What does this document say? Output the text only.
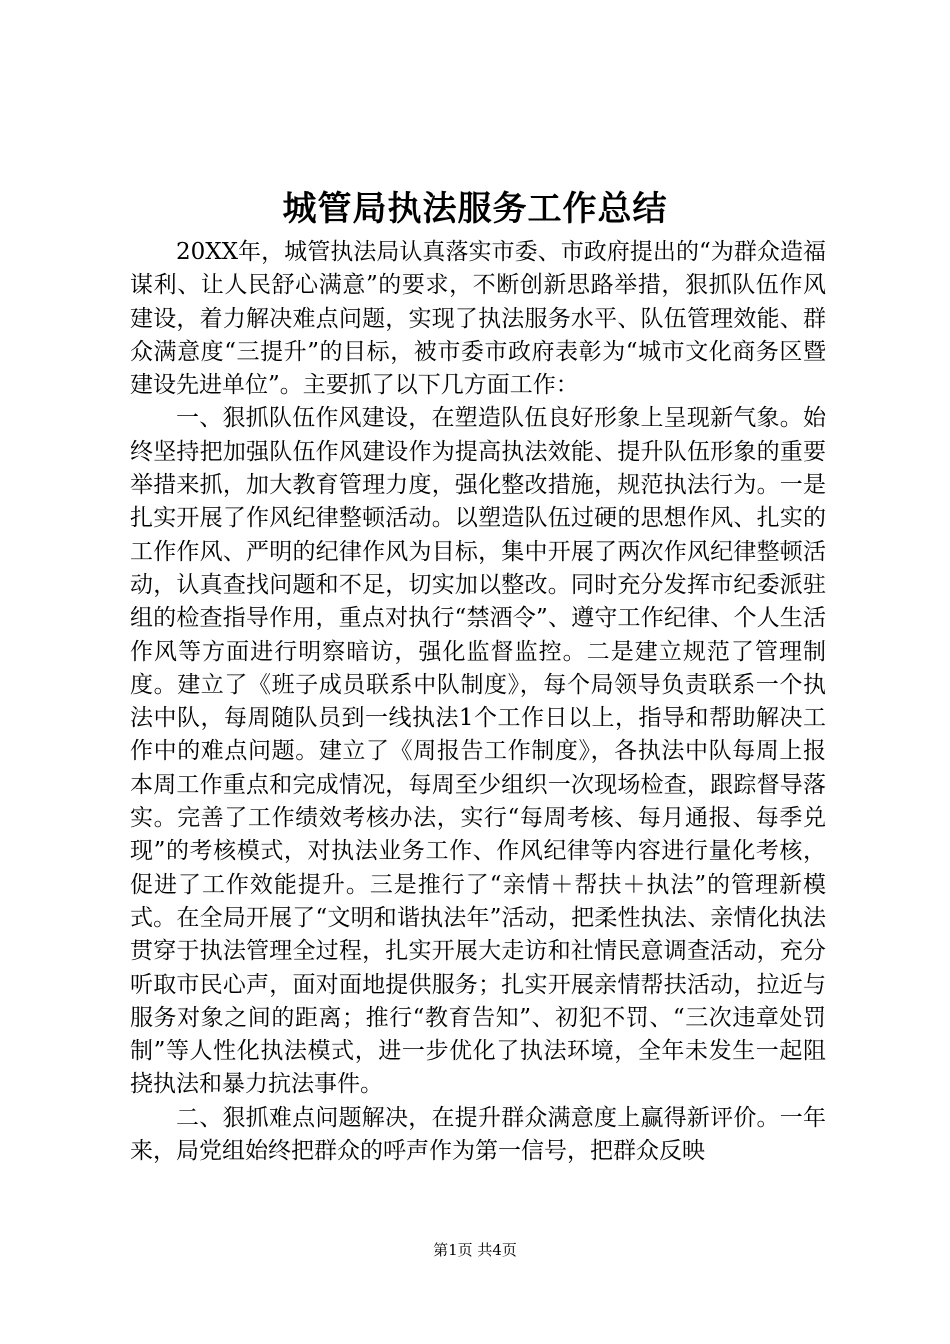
城管局执法服务工作总结

20XX年，城管执法局认真落实市委、市政府提出的“为群众造福谋利、让人民舒心满意”的要求，不断创新思路举措，狠抓队伍作风建设，着力解决难点问题，实现了执法服务水平、队伍管理效能、群众满意度“三提升”的目标，被市委市政府表彰为“城市文化商务区暨建设先进单位”。主要抓了以下几方面工作：

一、狠抓队伍作风建设，在塑造队伍良好形象上呈现新气象。始终坚持把加强队伍作风建设作为提高执法效能、提升队伍形象的重要举措来抓，加大教育管理力度，强化整改措施，规范执法行为。一是扎实开展了作风纪律整顿活动。以塑造队伍过硬的思想作风、扎实的工作作风、严明的纪律作风为目标，集中开展了两次作风纪律整顿活动，认真查找问题和不足，切实加以整改。同时充分发挥市纪委派驻组的检查指导作用，重点对执行“禁酒令”、遵守工作纪律、个人生活作风等方面进行明察暗访，强化监督监控。二是建立规范了管理制度。建立了《班子成员联系中队制度》，每个局领导负责联系一个执法中队，每周随队员到一线执法1个工作日以上，指导和帮助解决工作中的难点问题。建立了《周报告工作制度》，各执法中队每周上报本周工作重点和完成情况，每周至少组织一次现场检查，跟踪督导落实。完善了工作绩效考核办法，实行“每周考核、每月通报、每季兑现”的考核模式，对执法业务工作、作风纪律等内容进行量化考核，促进了工作效能提升。三是推行了“亲情＋帮扶＋执法”的管理新模式。在全局开展了“文明和谐执法年”活动，把柔性执法、亲情化执法贯穿于执法管理全过程，扎实开展大走访和社情民意调查活动，充分听取市民心声，面对面地提供服务；扎实开展亲情帮扶活动，拉近与服务对象之间的距离；推行“教育告知”、初犯不罚、“三次违章处罚制”等人性化执法模式，进一步优化了执法环境，全年未发生一起阻挠执法和暴力抗法事件。

二、狠抓难点问题解决，在提升群众满意度上赢得新评价。一年来，局党组始终把群众的呼声作为第一信号，把群众反映

第1页 共4页
